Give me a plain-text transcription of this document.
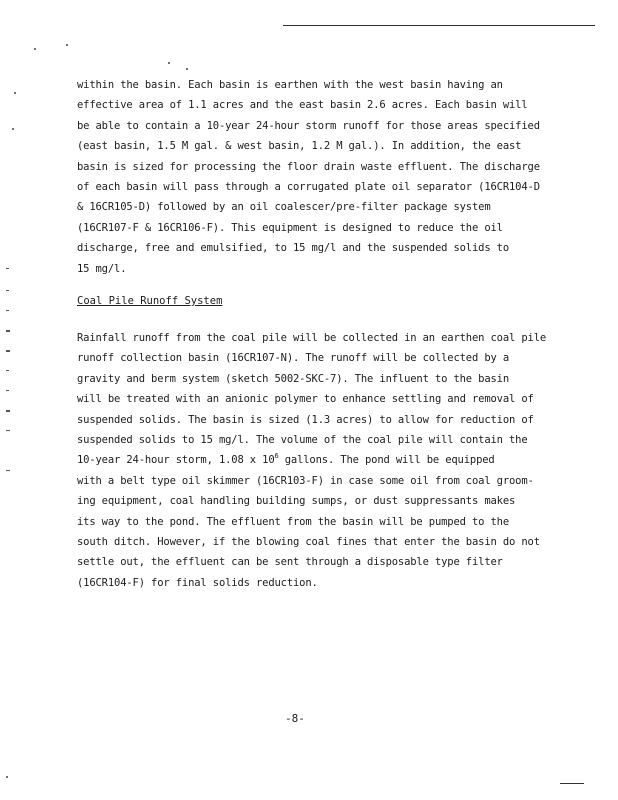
within the basin. Each basin is earthen with the west basin having an
effective area of 1.1 acres and the east basin 2.6 acres. Each basin will
be able to contain a 10-year 24-hour storm runoff for those areas specified
(east basin, 1.5 M gal. & west basin, 1.2 M gal.). In addition, the east
basin is sized for processing the floor drain waste effluent. The discharge
of each basin will pass through a corrugated plate oil separator (16CR104-D
& 16CR105-D) followed by an oil coalescer/pre-filter package system
(16CR107-F & 16CR106-F). This equipment is designed to reduce the oil
discharge, free and emulsified, to 15 mg/l and the suspended solids to
15 mg/l.

Coal Pile Runoff System

Rainfall runoff from the coal pile will be collected in an earthen coal pile
runoff collection basin (16CR107-N). The runoff will be collected by a
gravity and berm system (sketch 5002-SKC-7). The influent to the basin
will be treated with an anionic polymer to enhance settling and removal of
suspended solids. The basin is sized (1.3 acres) to allow for reduction of
suspended solids to 15 mg/l. The volume of the coal pile will contain the
10-year 24-hour storm, 1.08 x $10^6$ gallons. The pond will be equipped
with a belt type oil skimmer (16CR103-F) in case some oil from coal groom-
ing equipment, coal handling building sumps, or dust suppressants makes
its way to the pond. The effluent from the basin will be pumped to the
south ditch. However, if the blowing coal fines that enter the basin do not
settle out, the effluent can be sent through a disposable type filter
(16CR104-F) for final solids reduction.

-8-
